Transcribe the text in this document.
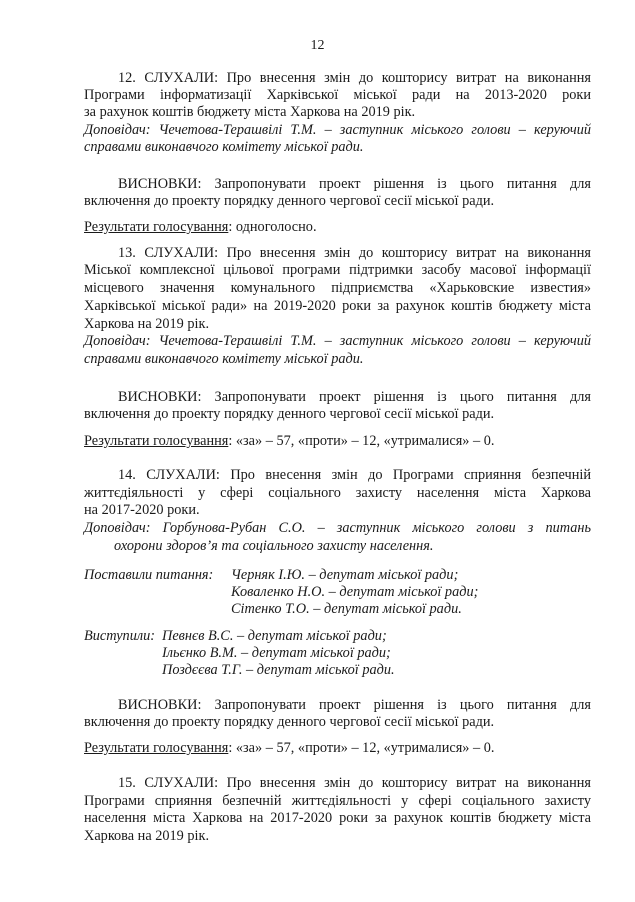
12
12. СЛУХАЛИ: Про внесення змін до кошторису витрат на виконання
Програми інформатизації Харківської міської ради на 2013-2020 роки
за рахунок коштів бюджету міста Харкова на 2019 рік.
Доповідач: Чечетова-Терашвілі Т.М. – заступник міського голови – керуючий
справами виконавчого комітету міської ради.
ВИСНОВКИ: Запропонувати проект рішення із цього питання для
включення до проекту порядку денного чергової сесії міської ради.
Результати голосування: одноголосно.
13. СЛУХАЛИ: Про внесення змін до кошторису витрат на виконання
Міської комплексної цільової програми підтримки засобу масової інформації
місцевого значення комунального підприємства «Харьковские известия»
Харківської міської ради» на 2019-2020 роки за рахунок коштів бюджету міста
Харкова на 2019 рік.
Доповідач: Чечетова-Терашвілі Т.М. – заступник міського голови – керуючий
справами виконавчого комітету міської ради.
ВИСНОВКИ: Запропонувати проект рішення із цього питання для
включення до проекту порядку денного чергової сесії міської ради.
Результати голосування: «за» – 57, «проти» – 12, «утрималися» – 0.
14. СЛУХАЛИ: Про внесення змін до Програми сприяння безпечній
життєдіяльності у сфері соціального захисту населення міста Харкова
на 2017-2020 роки.
Доповідач: Горбунова-Рубан С.О. – заступник міського голови з питань
охорони здоров’я та соціального захисту населення.
Поставили питання:	Черняк І.Ю. – депутат міської ради;
Коваленко Н.О. – депутат міської ради;
Сітенко Т.О. – депутат міської ради.
Виступили: Певнєв В.С. – депутат міської ради;
Ільєнко В.М. – депутат міської ради;
Поздєєва Т.Г. – депутат міської ради.
ВИСНОВКИ: Запропонувати проект рішення із цього питання для
включення до проекту порядку денного чергової сесії міської ради.
Результати голосування: «за» – 57, «проти» – 12, «утрималися» – 0.
15. СЛУХАЛИ: Про внесення змін до кошторису витрат на виконання
Програми сприяння безпечній життєдіяльності у сфері соціального захисту
населення міста Харкова на 2017-2020 роки за рахунок коштів бюджету міста
Харкова на 2019 рік.
